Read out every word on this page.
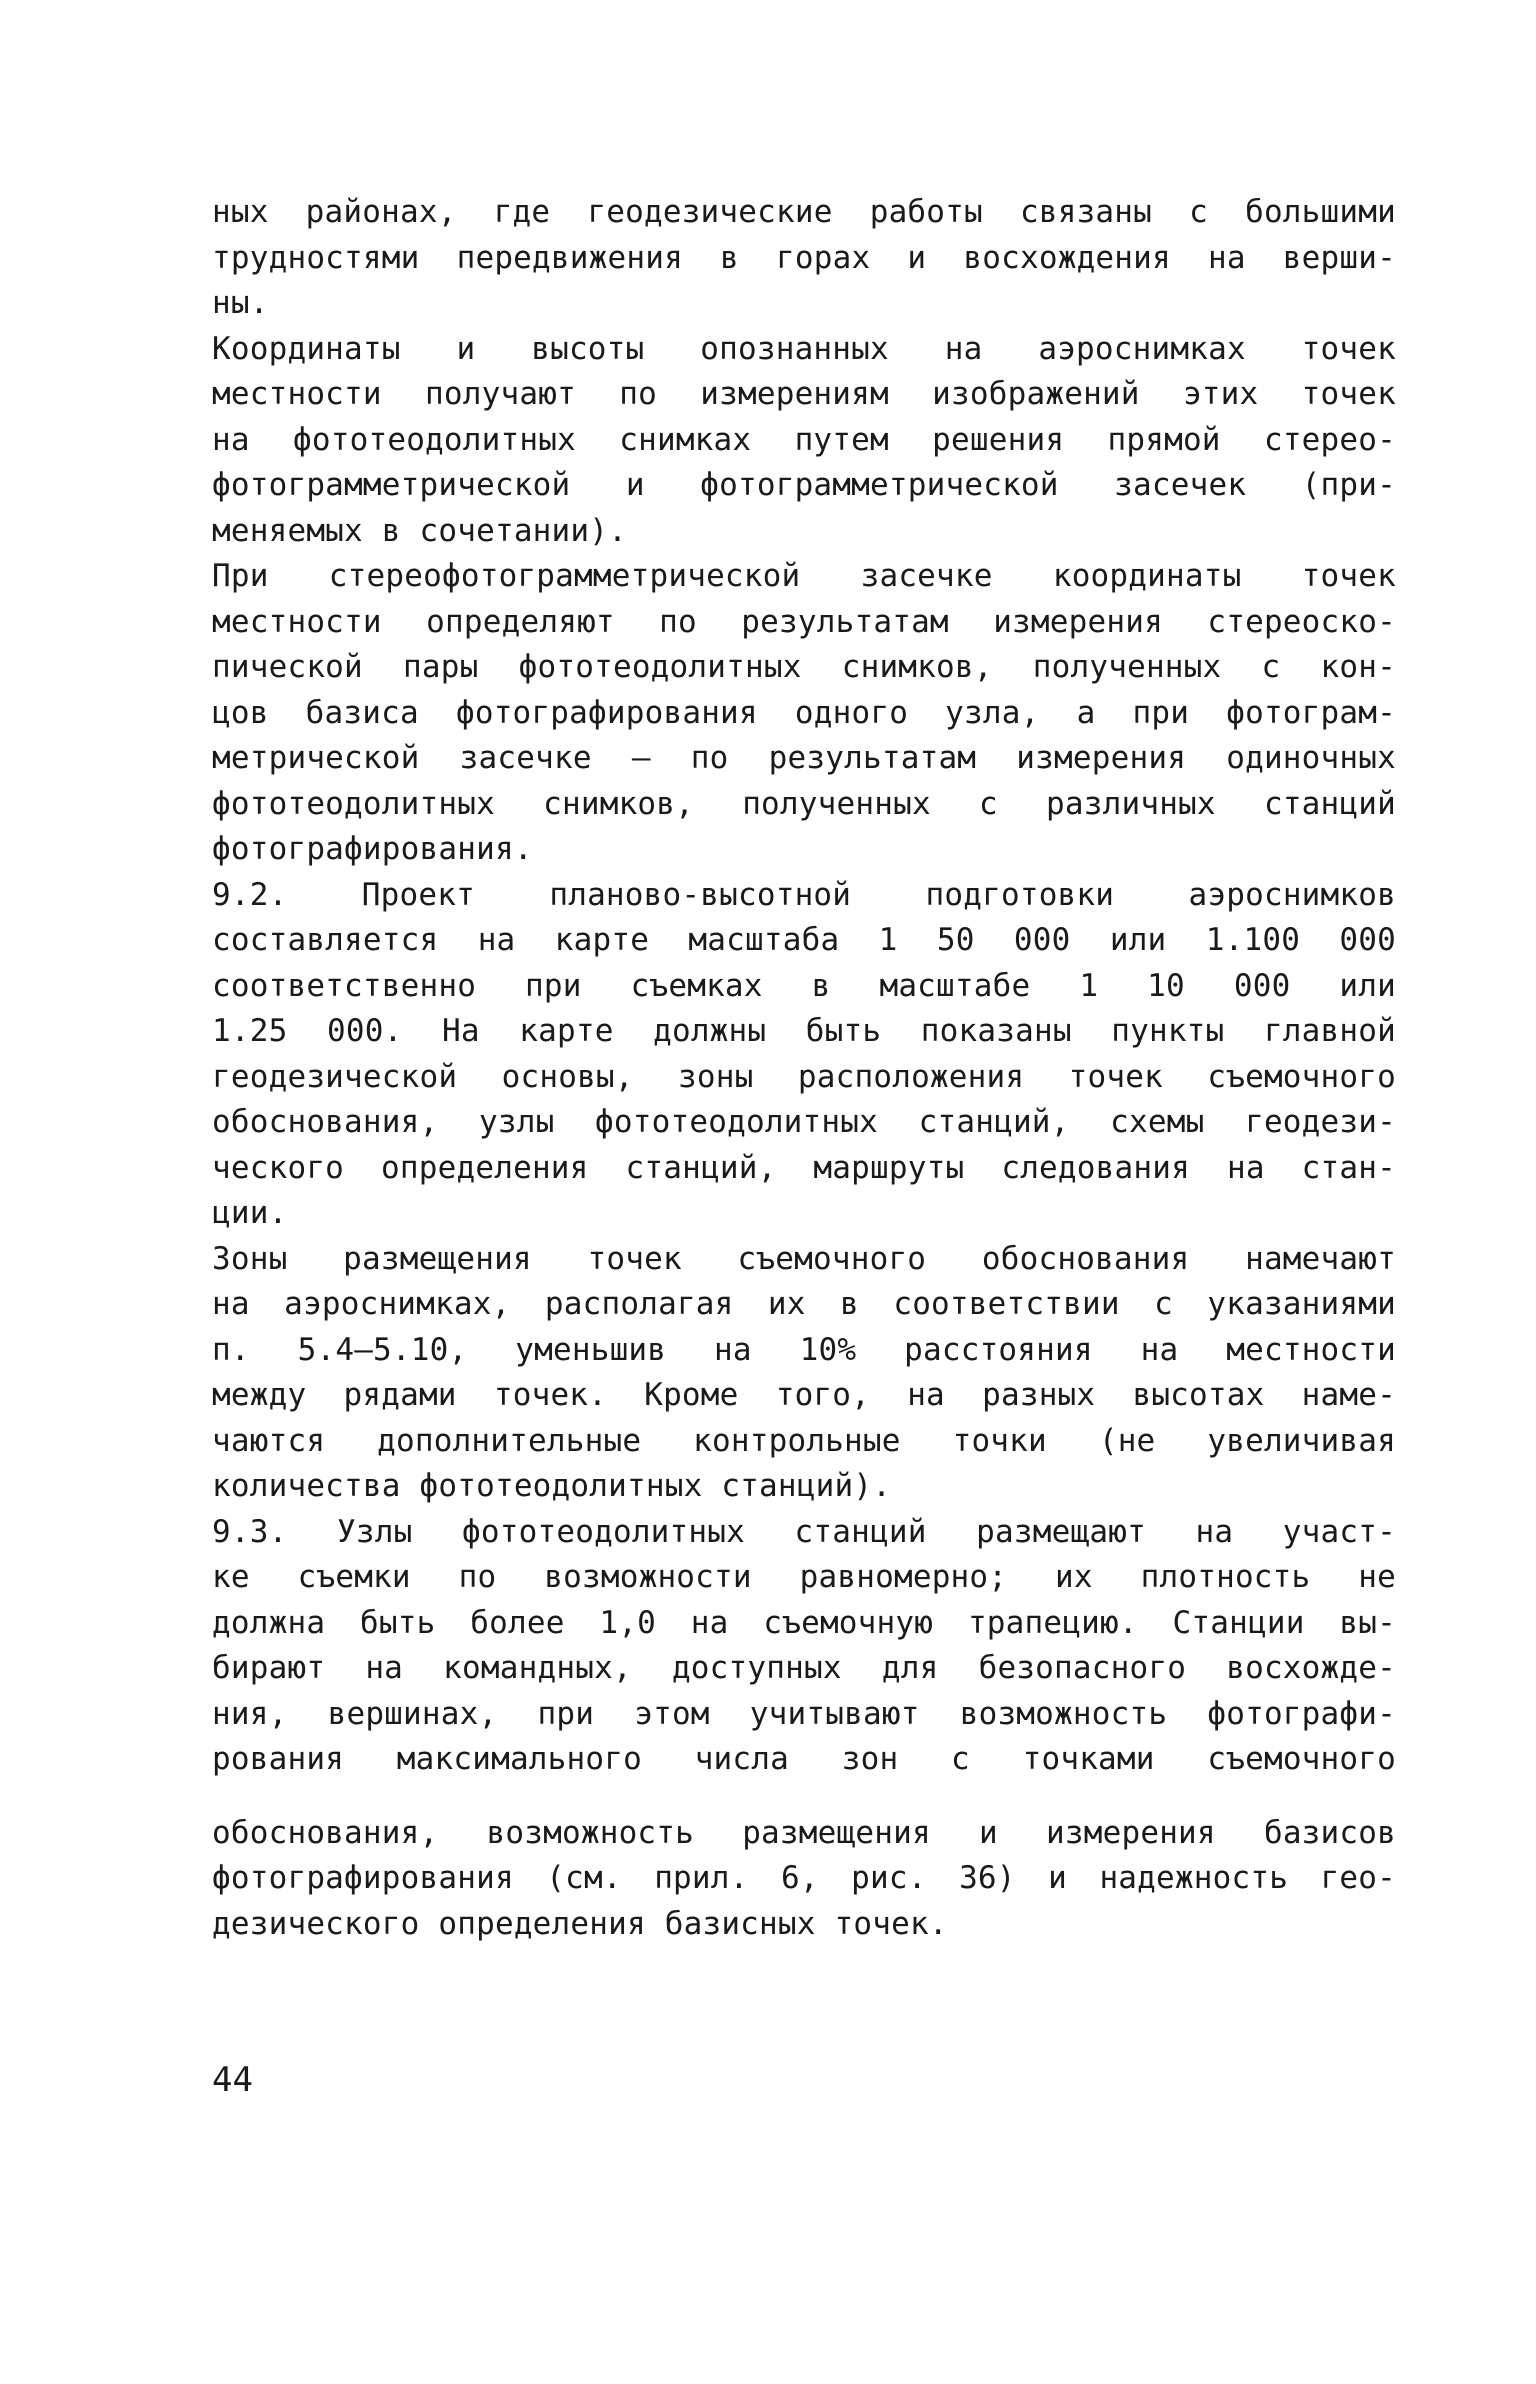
ных районах, где геодезические работы связаны с большими
трудностями передвижения в горах и восхождения на верши-
ны.
Координаты и высоты опознанных на аэроснимках точек
местности получают по измерениям изображений этих точек
на фототеодолитных снимках путем решения прямой стерео-
фотограмметрической и фотограмметрической засечек (при-
меняемых в сочетании).
При стереофотограмметрической засечке координаты точек
местности определяют по результатам измерения стереоско-
пической пары фототеодолитных снимков, полученных с кон-
цов базиса фотографирования одного узла, а при фотограм-
метрической засечке — по результатам измерения одиночных
фототеодолитных снимков, полученных с различных станций
фотографирования.
9.2. Проект планово-высотной подготовки аэроснимков
составляется на карте масштаба 1 50 000 или 1.100 000
соответственно при съемках в масштабе 1 10 000 или
1.25 000. На карте должны быть показаны пункты главной
геодезической основы, зоны расположения точек съемочного
обоснования, узлы фототеодолитных станций, схемы геодези-
ческого определения станций, маршруты следования на стан-
ции.
Зоны размещения точек съемочного обоснования намечают
на аэроснимках, располагая их в соответствии с указаниями
п. 5.4–5.10, уменьшив на 10% расстояния на местности
между рядами точек. Кроме того, на разных высотах наме-
чаются дополнительные контрольные точки (не увеличивая
количества фототеодолитных станций).
9.3. Узлы фототеодолитных станций размещают на участ-
ке съемки по возможности равномерно; их плотность не
должна быть более 1,0 на съемочную трапецию. Станции вы-
бирают на командных, доступных для безопасного восхожде-
ния, вершинах, при этом учитывают возможность фотографи-
рования максимального числа зон с точками съемочного
обоснования, возможность размещения и измерения базисов
фотографирования (см. прил. 6, рис. 36) и надежность гео-
дезического определения базисных точек.
44
